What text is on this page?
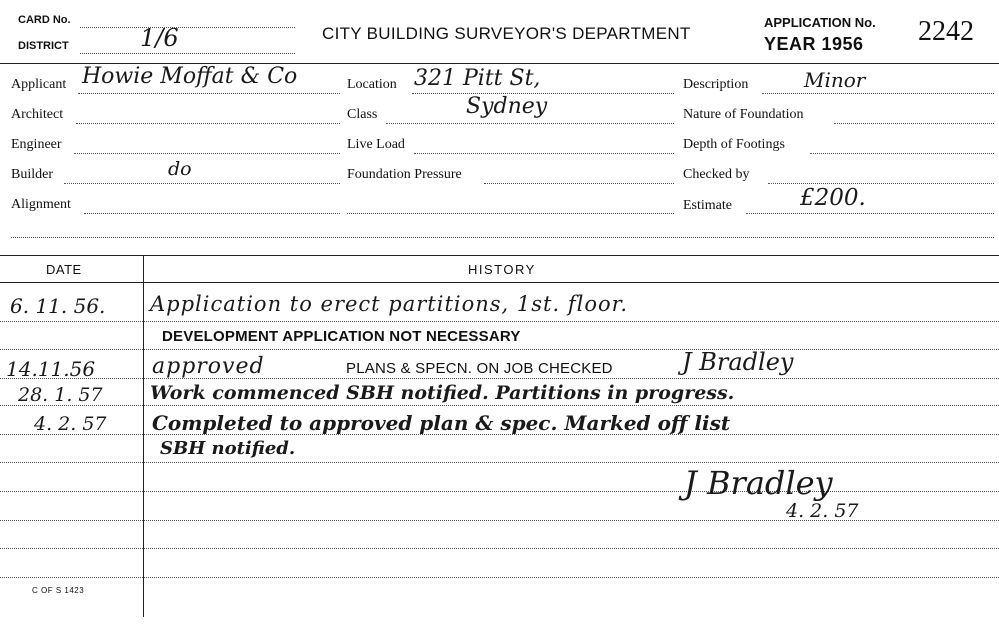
CARD No.
DISTRICT	1/6	CITY BUILDING SURVEYOR'S DEPARTMENT
APPLICATION No.
YEAR 1956 2242
Applicant Howie Moffat & Co
Architect
Engineer
Builder	do
Alignment
Location 321 Pitt St,
Class	Sydney
Live Load
Foundation Pressure
Description	Minor
Nature of Foundation
Depth of Footings
Checked by
Estimate	£200.
DATE	HISTORY
6. 11. 56. Application to erect partitions, 1st. floor.
DEVELOPMENT APPLICATION NOT NECESSARY
14.11.56	approved	PLANS & SPECN. ON JOB CHECKED	J Bradley
28. 1. 57 Work commenced SBH notified. Partitions in progress.
4. 2. 57 Completed to approved plan & spec. Marked off list
SBH notified.
J Bradley
4. 2. 57
C OF S 1423
